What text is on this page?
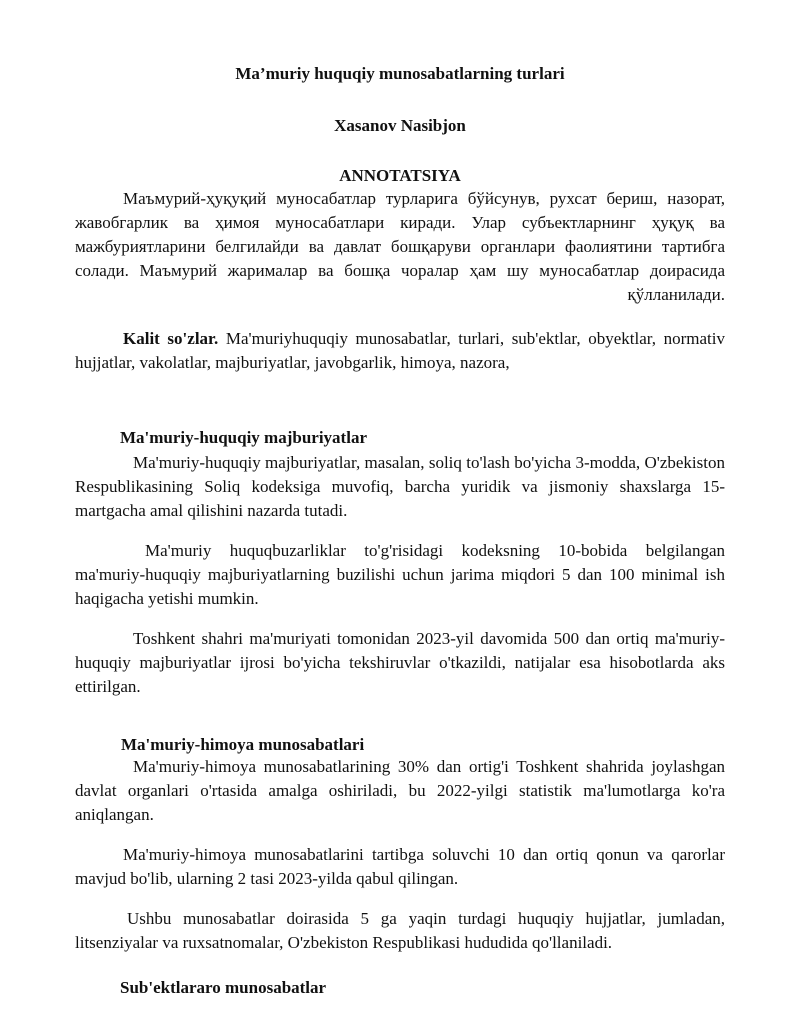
Ma’muriy huquqiy munosabatlarning turlari
Xasanov Nasibjon
ANNOTATSIYA
Маъмурий-ҳуқуқий муносабатлар турларига бўйсунув, рухсат бериш, назорат, жавобгарлик ва ҳимоя муносабатлари киради. Улар субъектларнинг ҳуқуқ ва мажбуриятларини белгилайди ва давлат бошқаруви органлари фаолиятини тартибга солади. Маъмурий жарималар ва бошқа чоралар ҳам шу муносабатлар доирасида
қўлланилади.
Kalit so'zlar. Ma'muriyhuquqiy munosabatlar, turlari, sub'ektlar, obyektlar, normativ hujjatlar, vakolatlar, majburiyatlar, javobgarlik, himoya, nazora,
Ma'muriy-huquqiy majburiyatlar
Ma'muriy-huquqiy majburiyatlar, masalan, soliq to'lash bo'yicha 3-modda, O'zbekiston Respublikasining Soliq kodeksiga muvofiq, barcha yuridik va jismoniy shaxslarga 15-martgacha amal qilishini nazarda tutadi.
Ma'muriy huquqbuzarliklar to'g'risidagi kodeksning 10-bobida belgilangan ma'muriy-huquqiy majburiyatlarning buzilishi uchun jarima miqdori 5 dan 100 minimal ish haqigacha yetishi mumkin.
Toshkent shahri ma'muriyati tomonidan 2023-yil davomida 500 dan ortiq ma'muriy-huquqiy majburiyatlar ijrosi bo'yicha tekshiruvlar o'tkazildi, natijalar esa hisobotlarda aks ettirilgan.
Ma'muriy-himoya munosabatlari
Ma'muriy-himoya munosabatlarining 30% dan ortig'i Toshkent shahrida joylashgan davlat organlari o'rtasida amalga oshiriladi, bu 2022-yilgi statistik ma'lumotlarga ko'ra aniqlangan.
Ma'muriy-himoya munosabatlarini tartibga soluvchi 10 dan ortiq qonun va qarorlar mavjud bo'lib, ularning 2 tasi 2023-yilda qabul qilingan.
Ushbu munosabatlar doirasida 5 ga yaqin turdagi huquqiy hujjatlar, jumladan, litsenziyalar va ruxsatnomalar, O'zbekiston Respublikasi hududida qo'llaniladi.
Sub'ektlararo munosabatlar
